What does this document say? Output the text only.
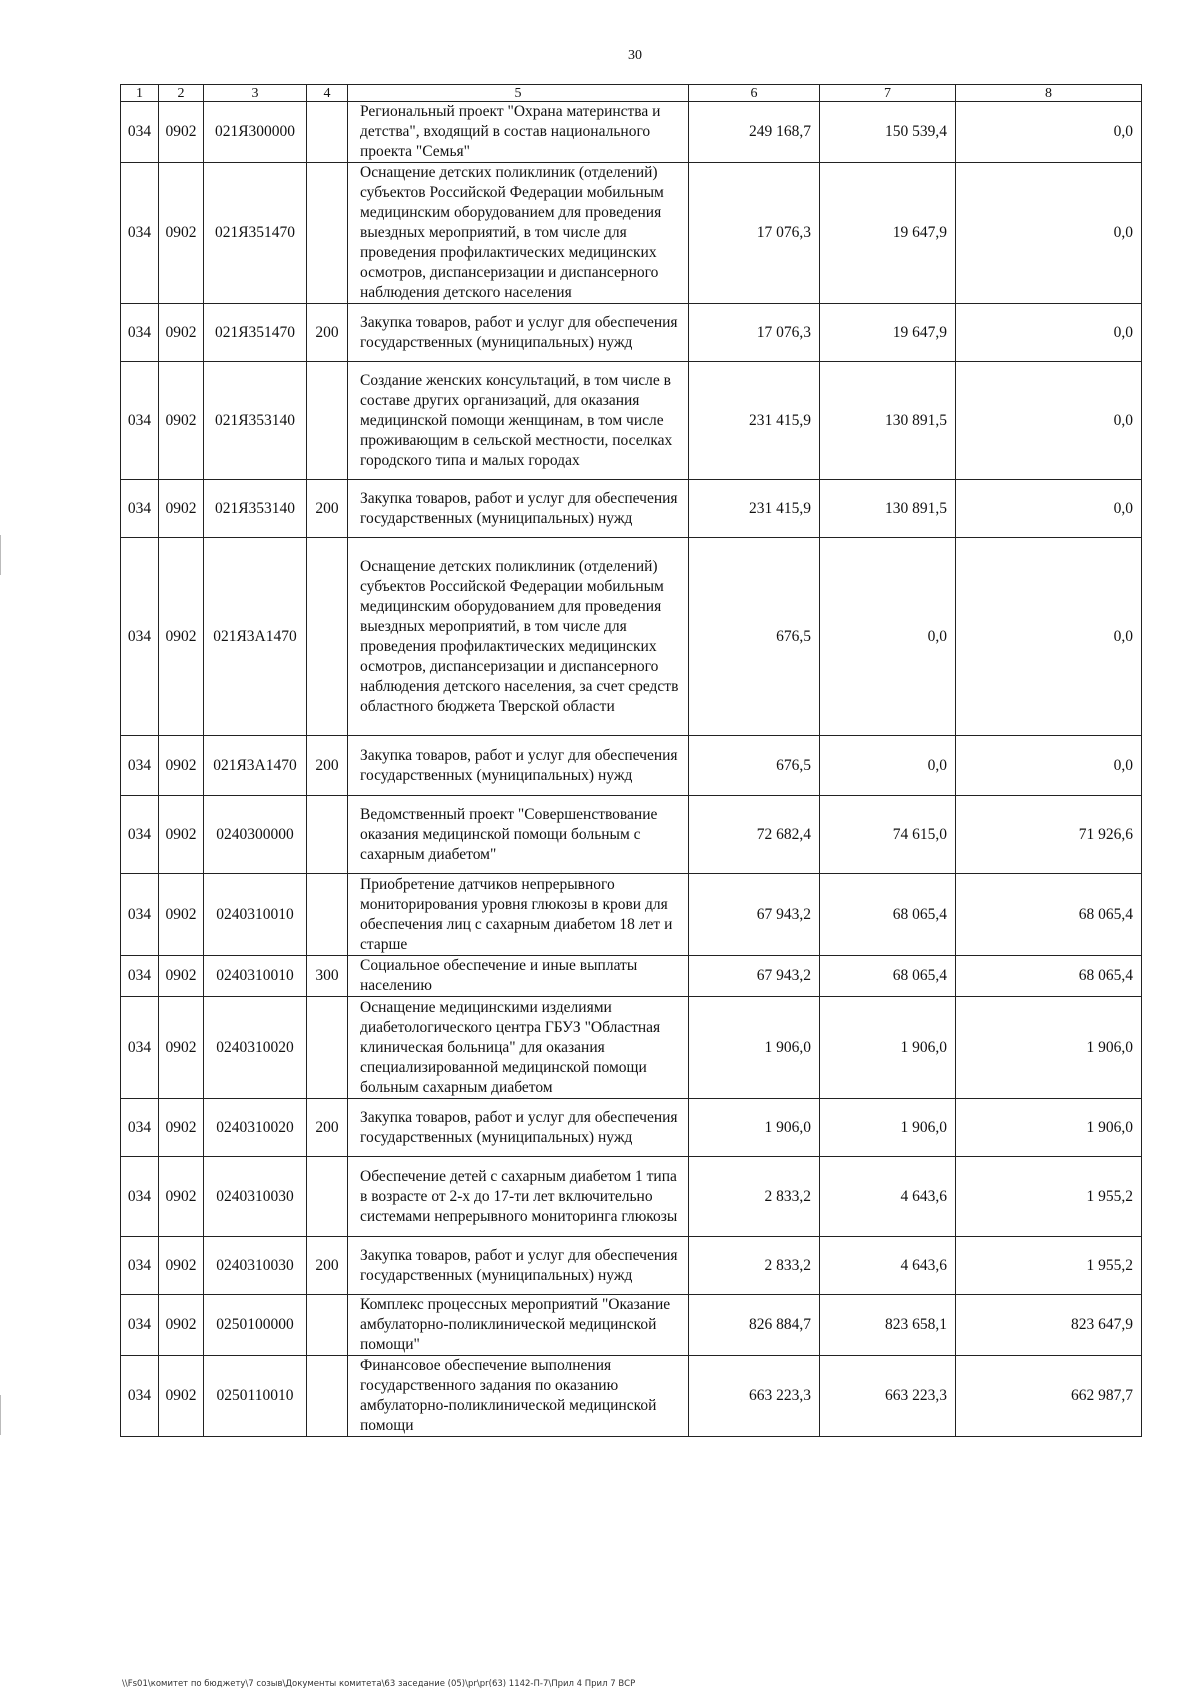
30
1	2	3	4	5	6	7	8
034	0902	021Я300000		Региональный проект "Охрана материнства и детства", входящий в состав национального проекта "Семья"	249 168,7	150 539,4	0,0
034	0902	021Я351470		Оснащение детских поликлиник (отделений) субъектов Российской Федерации мобильным медицинским оборудованием для проведения выездных мероприятий, в том числе для проведения профилактических медицинских осмотров, диспансеризации и диспансерного наблюдения детского населения	17 076,3	19 647,9	0,0
034	0902	021Я351470	200	Закупка товаров, работ и услуг для обеспечения государственных (муниципальных) нужд	17 076,3	19 647,9	0,0
034	0902	021Я353140		Создание женских консультаций, в том числе в составе других организаций, для оказания медицинской помощи женщинам, в том числе проживающим в сельской местности, поселках городского типа и малых городах	231 415,9	130 891,5	0,0
034	0902	021Я353140	200	Закупка товаров, работ и услуг для обеспечения государственных (муниципальных) нужд	231 415,9	130 891,5	0,0
034	0902	021Я3А1470		Оснащение детских поликлиник (отделений) субъектов Российской Федерации мобильным медицинским оборудованием для проведения выездных мероприятий, в том числе для проведения профилактических медицинских осмотров, диспансеризации и диспансерного наблюдения детского населения, за счет средств областного бюджета Тверской области	676,5	0,0	0,0
034	0902	021Я3А1470	200	Закупка товаров, работ и услуг для обеспечения государственных (муниципальных) нужд	676,5	0,0	0,0
034	0902	0240300000		Ведомственный проект "Совершенствование оказания медицинской помощи больным с сахарным диабетом"	72 682,4	74 615,0	71 926,6
034	0902	0240310010		Приобретение датчиков непрерывного мониторирования уровня глюкозы в крови для обеспечения лиц с сахарным диабетом 18 лет и старше	67 943,2	68 065,4	68 065,4
034	0902	0240310010	300	Социальное обеспечение и иные выплаты населению	67 943,2	68 065,4	68 065,4
034	0902	0240310020		Оснащение медицинскими изделиями диабетологического центра ГБУЗ "Областная клиническая больница" для оказания специализированной медицинской помощи больным сахарным диабетом	1 906,0	1 906,0	1 906,0
034	0902	0240310020	200	Закупка товаров, работ и услуг для обеспечения государственных (муниципальных) нужд	1 906,0	1 906,0	1 906,0
034	0902	0240310030		Обеспечение детей с сахарным диабетом 1 типа в возрасте от 2-х до 17-ти лет включительно системами непрерывного мониторинга глюкозы	2 833,2	4 643,6	1 955,2
034	0902	0240310030	200	Закупка товаров, работ и услуг для обеспечения государственных (муниципальных) нужд	2 833,2	4 643,6	1 955,2
034	0902	0250100000		Комплекс процессных мероприятий "Оказание амбулаторно-поликлинической медицинской помощи"	826 884,7	823 658,1	823 647,9
034	0902	0250110010		Финансовое обеспечение выполнения государственного задания по оказанию амбулаторно-поликлинической медицинской помощи	663 223,3	663 223,3	662 987,7
\\Fs01\комитет по бюджету\7 созыв\Документы комитета\63 заседание (05)\pr\pr(63) 1142-П-7\Прил 4 Прил 7 ВСР
